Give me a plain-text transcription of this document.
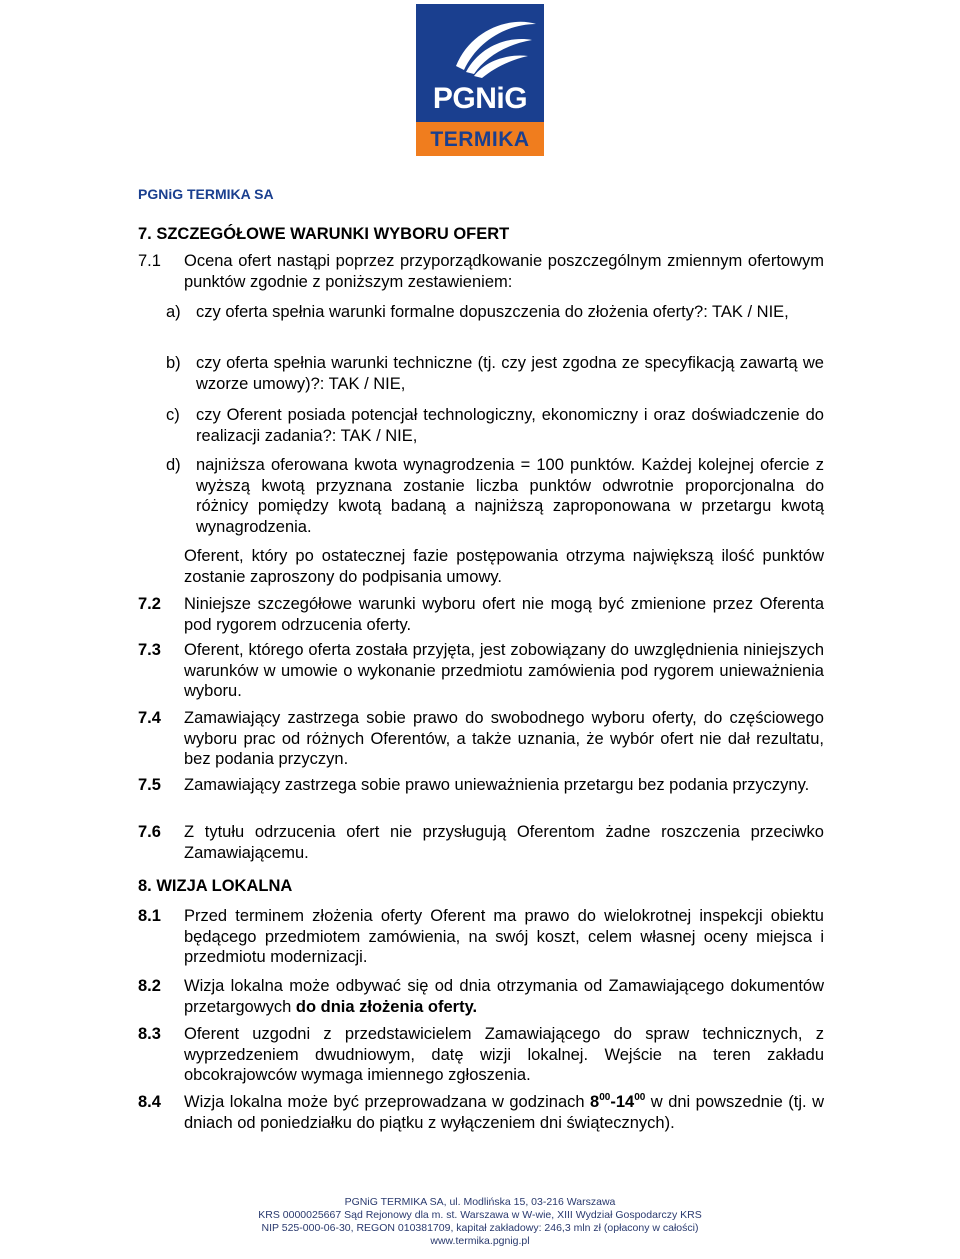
PGNiG
TERMIKA
PGNiG TERMIKA SA
7. SZCZEGÓŁOWE WARUNKI WYBORU OFERT
7.1 Ocena ofert nastąpi poprzez przyporządkowanie poszczególnym zmiennym ofertowym punktów zgodnie z poniższym zestawieniem:
a) czy oferta spełnia warunki formalne dopuszczenia do złożenia oferty?: TAK / NIE,
b) czy oferta spełnia warunki techniczne (tj. czy jest zgodna ze specyfikacją zawartą we wzorze umowy)?: TAK / NIE,
c) czy Oferent posiada potencjał technologiczny, ekonomiczny i oraz doświadczenie do realizacji zadania?: TAK / NIE,
d) najniższa oferowana kwota wynagrodzenia = 100 punktów. Każdej kolejnej ofercie z wyższą kwotą przyznana zostanie liczba punktów odwrotnie proporcjonalna do różnicy pomiędzy kwotą badaną a najniższą zaproponowana w przetargu kwotą wynagrodzenia.
Oferent, który po ostatecznej fazie postępowania otrzyma największą ilość punktów zostanie zaproszony do podpisania umowy.
7.2 Niniejsze szczegółowe warunki wyboru ofert nie mogą być zmienione przez Oferenta pod rygorem odrzucenia oferty.
7.3 Oferent, którego oferta została przyjęta, jest zobowiązany do uwzględnienia niniejszych warunków w umowie o wykonanie przedmiotu zamówienia pod rygorem unieważnienia wyboru.
7.4 Zamawiający zastrzega sobie prawo do swobodnego wyboru oferty, do częściowego wyboru prac od różnych Oferentów, a także uznania, że wybór ofert nie dał rezultatu, bez podania przyczyn.
7.5 Zamawiający zastrzega sobie prawo unieważnienia przetargu bez podania przyczyny.
7.6 Z tytułu odrzucenia ofert nie przysługują Oferentom żadne roszczenia przeciwko Zamawiającemu.
8. WIZJA LOKALNA
8.1 Przed terminem złożenia oferty Oferent ma prawo do wielokrotnej inspekcji obiektu będącego przedmiotem zamówienia, na swój koszt, celem własnej oceny miejsca i przedmiotu modernizacji.
8.2 Wizja lokalna może odbywać się od dnia otrzymania od Zamawiającego dokumentów przetargowych do dnia złożenia oferty.
8.3 Oferent uzgodni z przedstawicielem Zamawiającego do spraw technicznych, z wyprzedzeniem dwudniowym, datę wizji lokalnej. Wejście na teren zakładu obcokrajowców wymaga imiennego zgłoszenia.
8.4 Wizja lokalna może być przeprowadzana w godzinach $8^{00}-14^{00}$ w dni powszednie (tj. w dniach od poniedziałku do piątku z wyłączeniem dni świątecznych).
PGNiG TERMIKA SA, ul. Modlińska 15, 03-216 Warszawa
KRS 0000025667 Sąd Rejonowy dla m. st. Warszawa w W-wie, XIII Wydział Gospodarczy KRS
NIP 525-000-06-30, REGON 010381709, kapitał zakładowy: 246,3 mln zł (opłacony w całości)
www.termika.pgnig.pl
